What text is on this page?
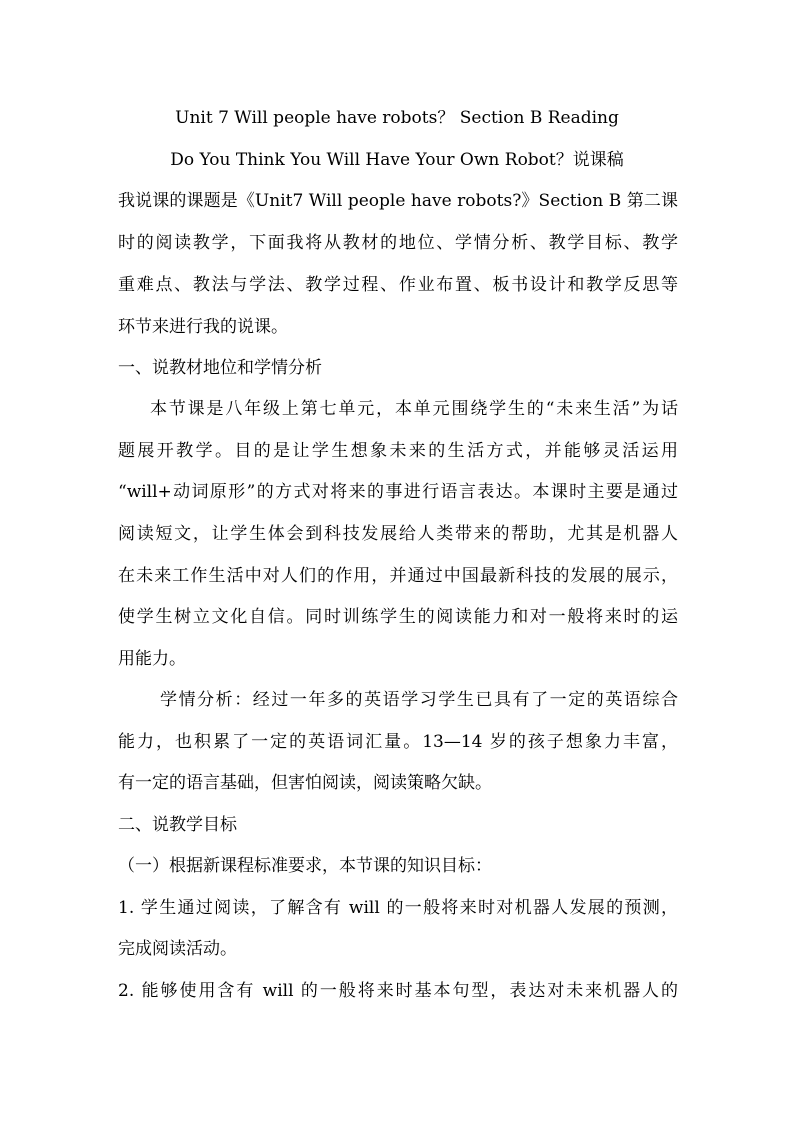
Unit 7 Will people have robots？ Section B Reading
Do You Think You Will Have Your Own Robot？说课稿
我说课的课题是《Unit7 Will people have robots?》Section B 第二课
时的阅读教学，下面我将从教材的地位、学情分析、教学目标、教学
重难点、教法与学法、教学过程、作业布置、板书设计和教学反思等
环节来进行我的说课。
一、说教材地位和学情分析
本节课是八年级上第七单元，本单元围绕学生的“未来生活”为话
题展开教学。目的是让学生想象未来的生活方式，并能够灵活运用
“will+动词原形”的方式对将来的事进行语言表达。本课时主要是通过
阅读短文，让学生体会到科技发展给人类带来的帮助，尤其是机器人
在未来工作生活中对人们的作用，并通过中国最新科技的发展的展示，
使学生树立文化自信。同时训练学生的阅读能力和对一般将来时的运
用能力。
学情分析：经过一年多的英语学习学生已具有了一定的英语综合
能力，也积累了一定的英语词汇量。13—14 岁的孩子想象力丰富，
有一定的语言基础，但害怕阅读，阅读策略欠缺。
二、说教学目标
（一）根据新课程标准要求，本节课的知识目标：
1. 学生通过阅读，了解含有 will 的一般将来时对机器人发展的预测，
完成阅读活动。
2. 能够使用含有 will 的一般将来时基本句型，表达对未来机器人的
